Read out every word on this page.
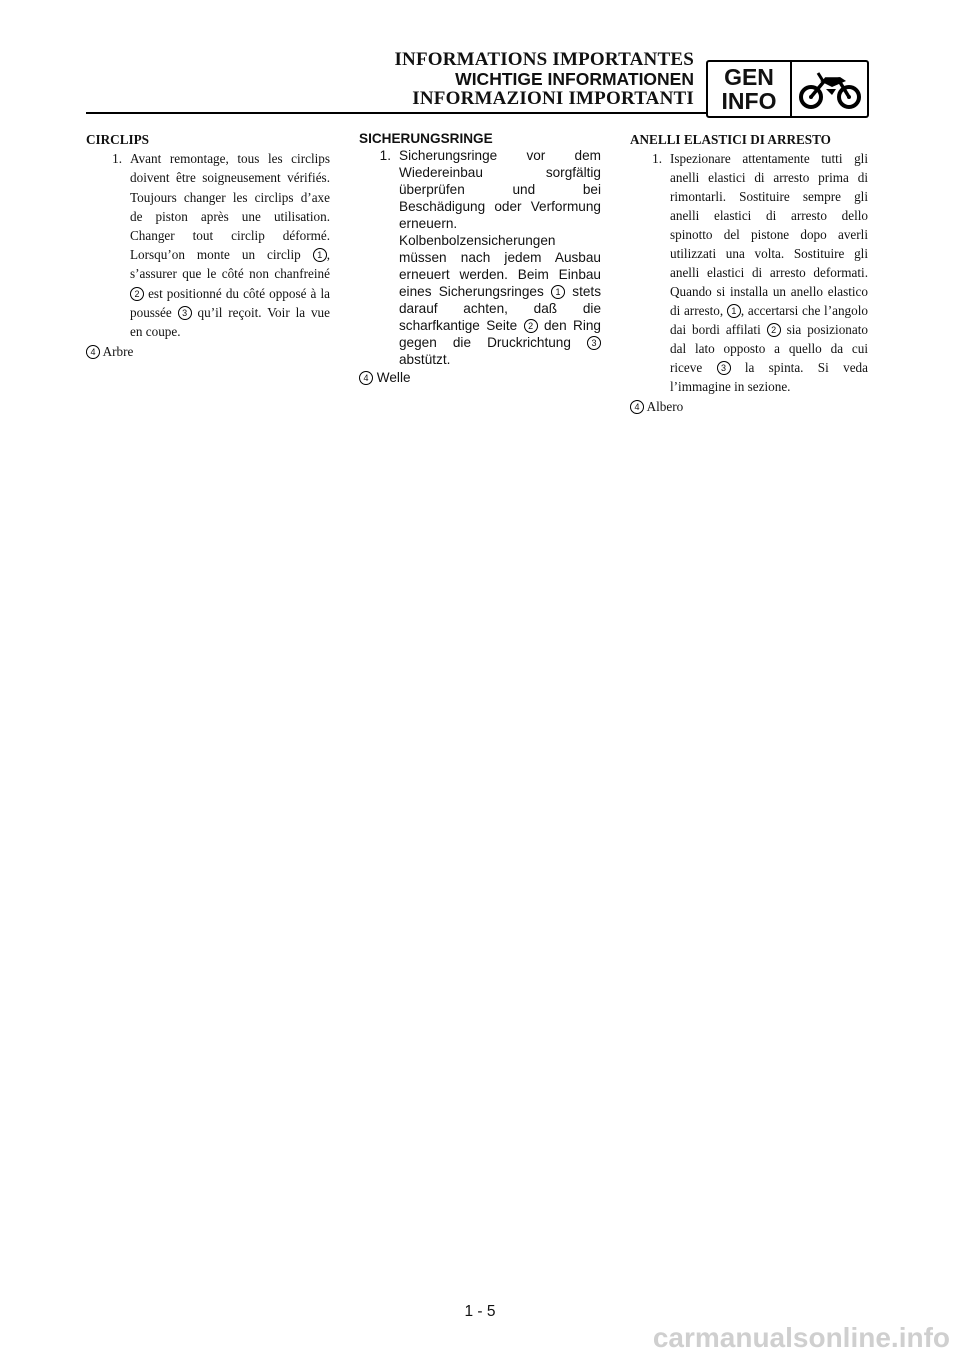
INFORMATIONS IMPORTANTES
WICHTIGE INFORMATIONEN
INFORMAZIONI IMPORTANTI
GEN
INFO
CIRCLIPS
1. Avant remontage, tous les circlips doivent être soigneusement vérifiés. Toujours changer les circlips d’axe de piston après une utilisation. Changer tout circlip déformé. Lorsqu’on monte un circlip 1 , s’assurer que le côté non chanfreiné 2 est positionné du côté opposé à la poussée 3 qu’il reçoit. Voir la vue en coupe.
4 Arbre
SICHERUNGSRINGE
1. Sicherungsringe vor dem Wiedereinbau sorgfältig überprüfen und bei Beschädigung oder Verformung erneuern. Kolbenbolzensicherungen müssen nach jedem Ausbau erneuert werden. Beim Einbau eines Sicherungsringes 1 stets darauf achten, daß die scharfkantige Seite 2 den Ring gegen die Druckrichtung 3 abstützt.
4 Welle
ANELLI ELASTICI DI ARRESTO
1. Ispezionare attentamente tutti gli anelli elastici di arresto prima di rimontarli. Sostituire sempre gli anelli elastici di arresto dello spinotto del pistone dopo averli utilizzati una volta. Sostituire gli anelli elastici di arresto deformati. Quando si installa un anello elastico di arresto, 1 , accertarsi che l’angolo dai bordi affilati 2 sia posizionato dal lato opposto a quello da cui riceve 3 la spinta. Si veda l’immagine in sezione.
4 Albero
1 - 5
carmanualsonline.info
